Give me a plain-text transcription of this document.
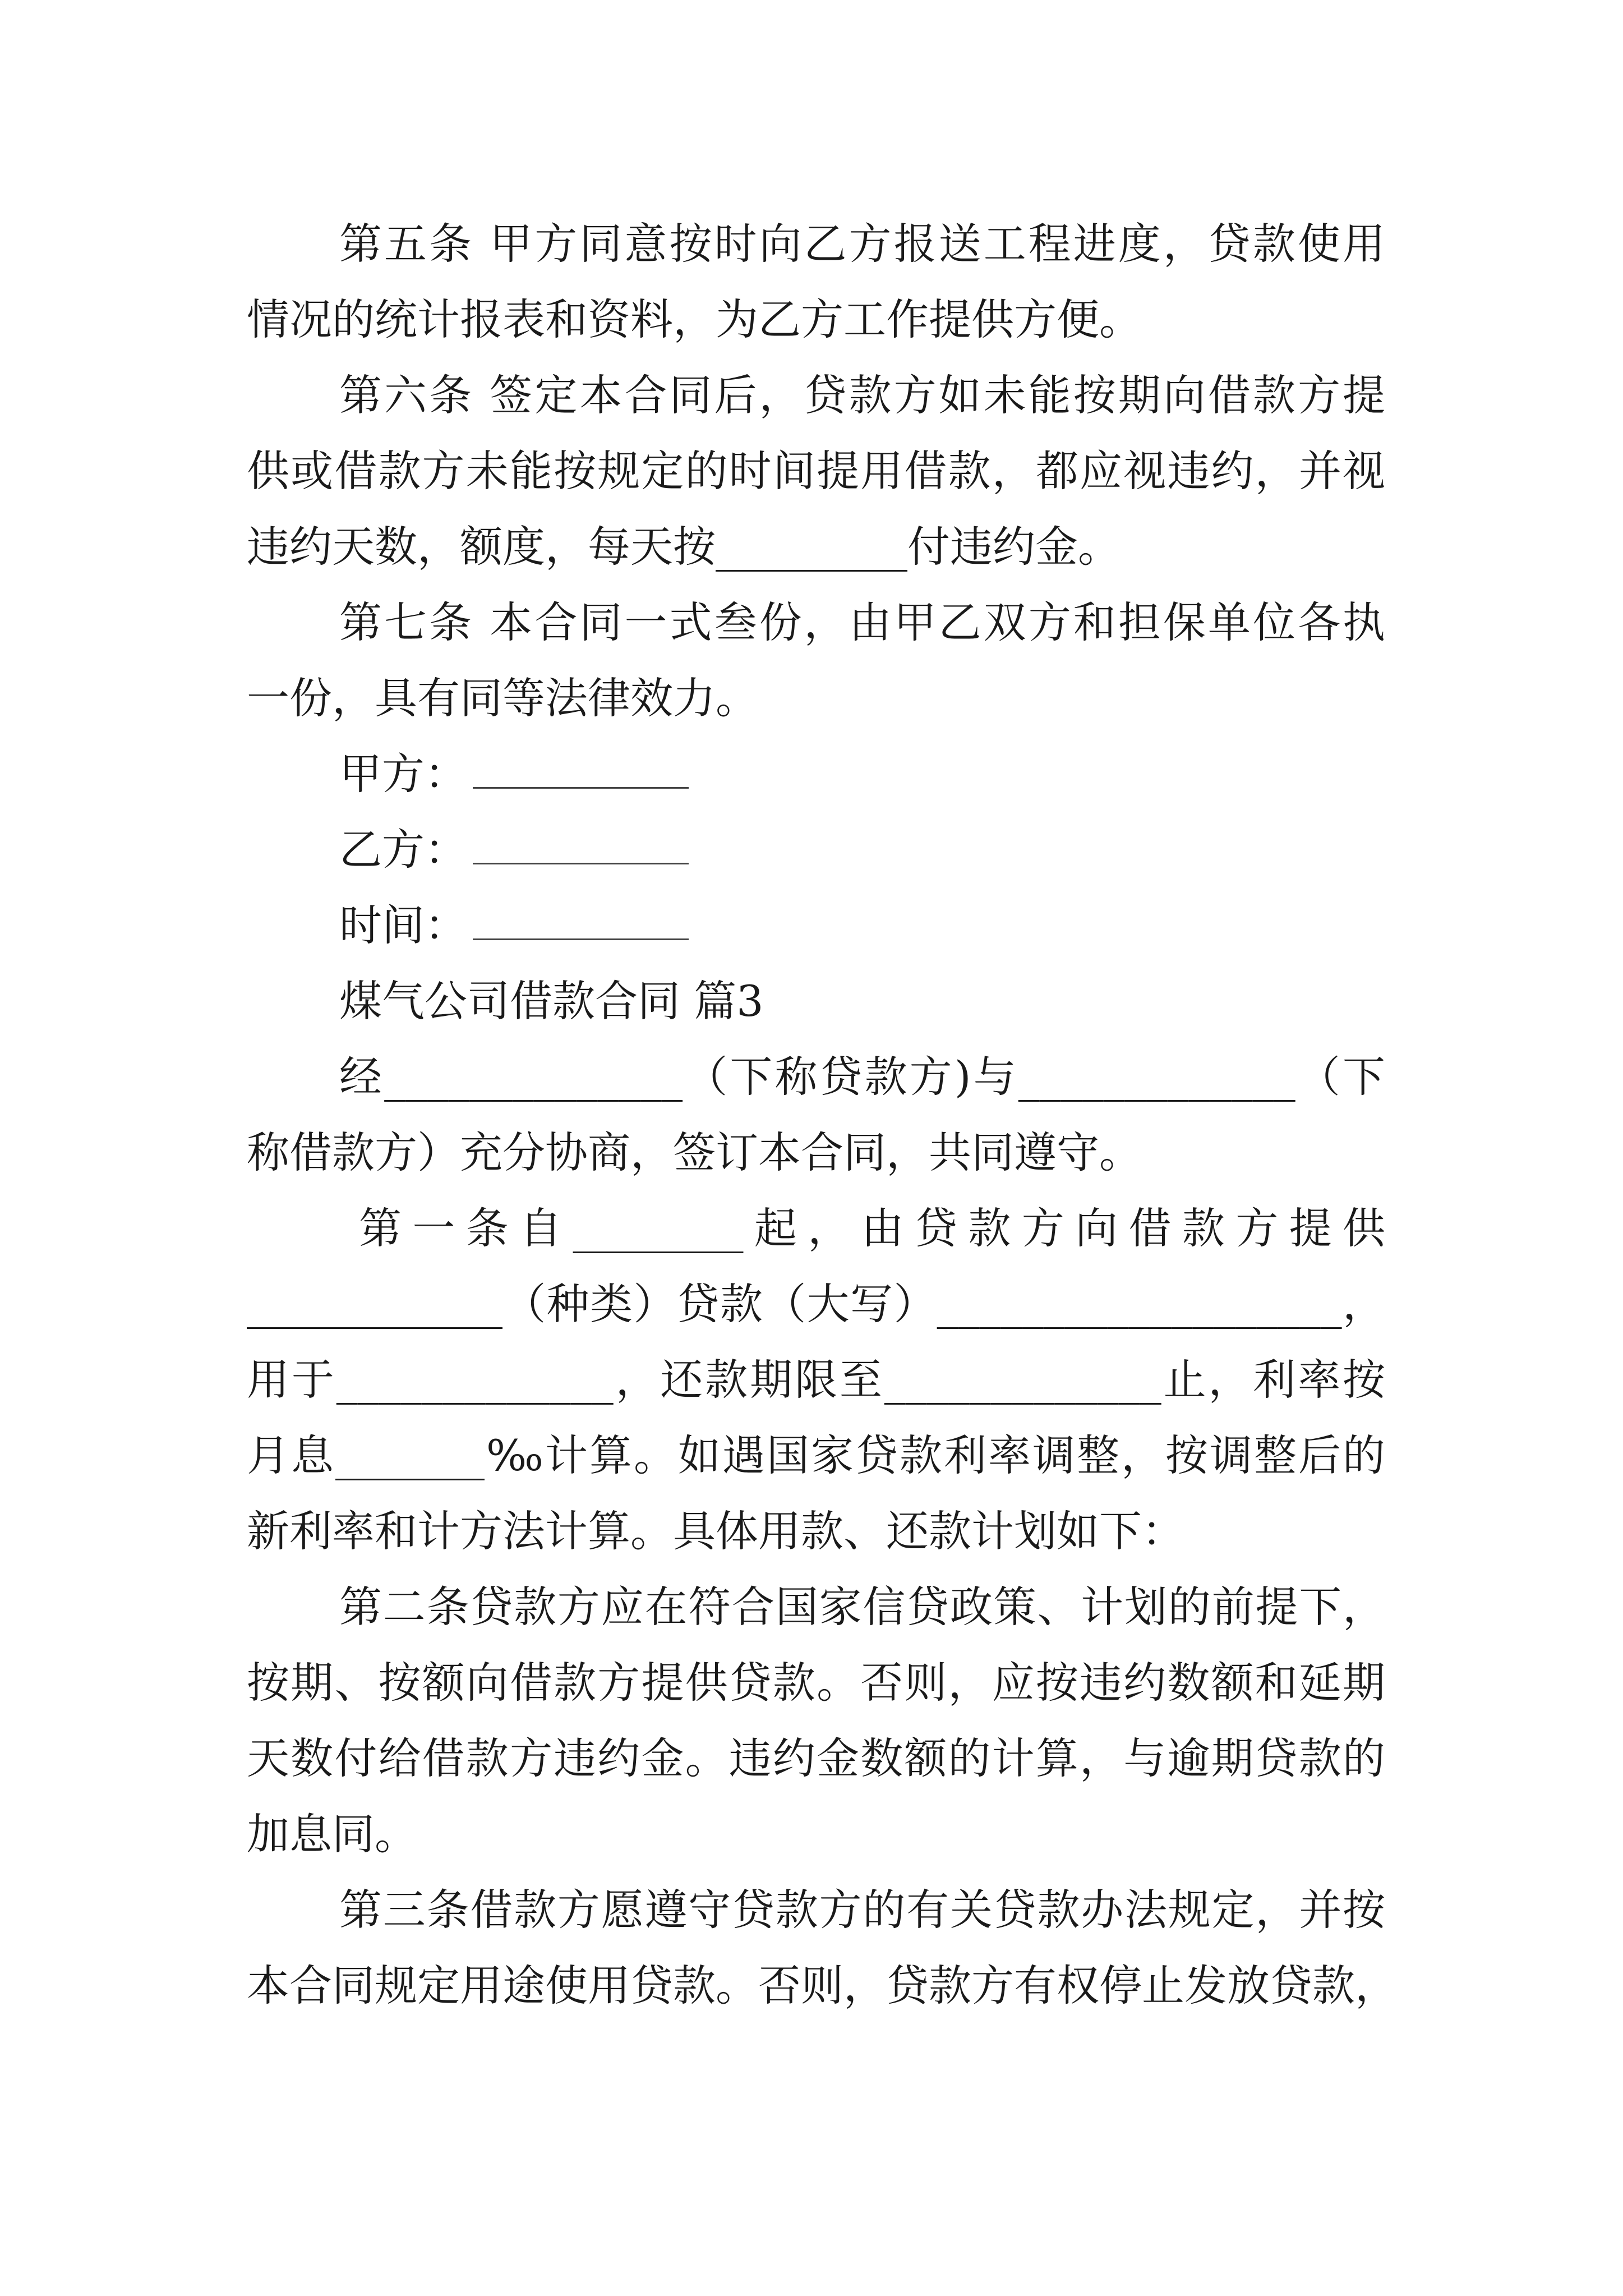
第五条 甲方同意按时向乙方报送工程进度，贷款使用
情况的统计报表和资料，为乙方工作提供方便。
第六条 签定本合同后，贷款方如未能按期向借款方提
供或借款方未能按规定的时间提用借款，都应视违约，并视
违约天数，额度，每天按_________付违约金。
第七条 本合同一式叁份，由甲乙双方和担保单位各执
一份，具有同等法律效力。
甲方：
乙方：
时间：
煤气公司借款合同 篇3
经______________（下称贷款方)与_____________（下
称借款方）充分协商，签订本合同，共同遵守。
第一条自________起，由贷款方向借款方提供
____________（种类）贷款（大写）___________________，
用于_____________，还款期限至_____________止，利率按
月息_______‰计算。如遇国家贷款利率调整，按调整后的
新利率和计方法计算。具体用款、还款计划如下：
第二条贷款方应在符合国家信贷政策、计划的前提下，
按期、按额向借款方提供贷款。否则，应按违约数额和延期
天数付给借款方违约金。违约金数额的计算，与逾期贷款的
加息同。
第三条借款方愿遵守贷款方的有关贷款办法规定，并按
本合同规定用途使用贷款。否则，贷款方有权停止发放贷款，
